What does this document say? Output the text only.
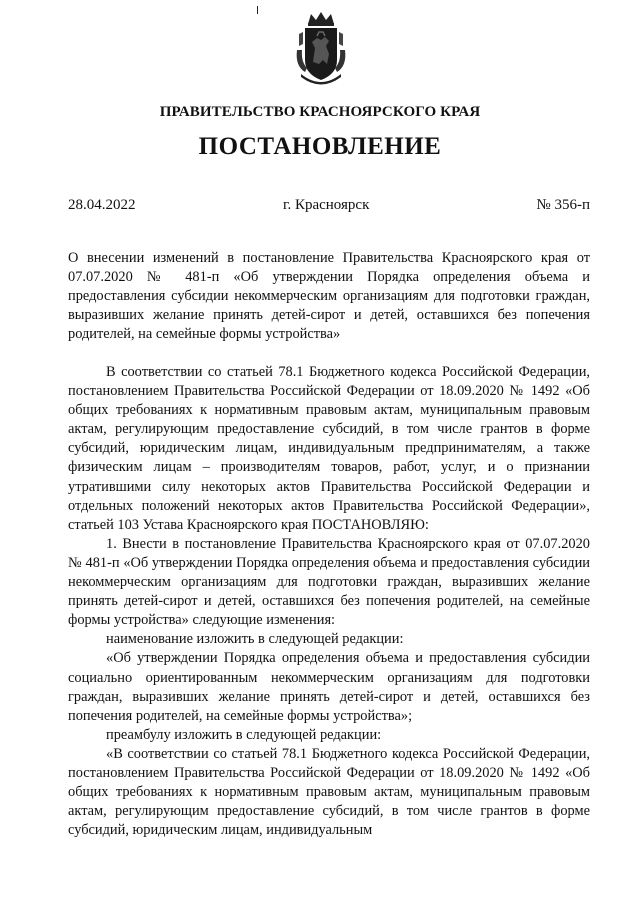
ПРАВИТЕЛЬСТВО КРАСНОЯРСКОГО КРАЯ
ПОСТАНОВЛЕНИЕ
28.04.2022	г. Красноярск	№ 356-п
О внесении изменений в постановление Правительства Красноярского края от 07.07.2020 № 481-п «Об утверждении Порядка определения объема и предоставления субсидии некоммерческим организациям для подготовки граждан, выразивших желание принять детей-сирот и детей, оставшихся без попечения родителей, на семейные формы устройства»

В соответствии со статьей 78.1 Бюджетного кодекса Российской Федерации, постановлением Правительства Российской Федерации от 18.09.2020 № 1492 «Об общих требованиях к нормативным правовым актам, муниципальным правовым актам, регулирующим предоставление субсидий, в том числе грантов в форме субсидий, юридическим лицам, индивидуальным предпринимателям, а также физическим лицам – производителям товаров, работ, услуг, и о признании утратившими силу некоторых актов Правительства Российской Федерации и отдельных положений некоторых актов Правительства Российской Федерации», статьей 103 Устава Красноярского края ПОСТАНОВЛЯЮ:

1. Внести в постановление Правительства Красноярского края от 07.07.2020 № 481-п «Об утверждении Порядка определения объема и предоставления субсидии некоммерческим организациям для подготовки граждан, выразивших желание принять детей-сирот и детей, оставшихся без попечения родителей, на семейные формы устройства» следующие изменения:

наименование изложить в следующей редакции:

«Об утверждении Порядка определения объема и предоставления субсидии социально ориентированным некоммерческим организациям для подготовки граждан, выразивших желание принять детей-сирот и детей, оставшихся без попечения родителей, на семейные формы устройства»;

преамбулу изложить в следующей редакции:

«В соответствии со статьей 78.1 Бюджетного кодекса Российской Федерации, постановлением Правительства Российской Федерации от 18.09.2020 № 1492 «Об общих требованиях к нормативным правовым актам, муниципальным правовым актам, регулирующим предоставление субсидий, в том числе грантов в форме субсидий, юридическим лицам, индивидуальным
